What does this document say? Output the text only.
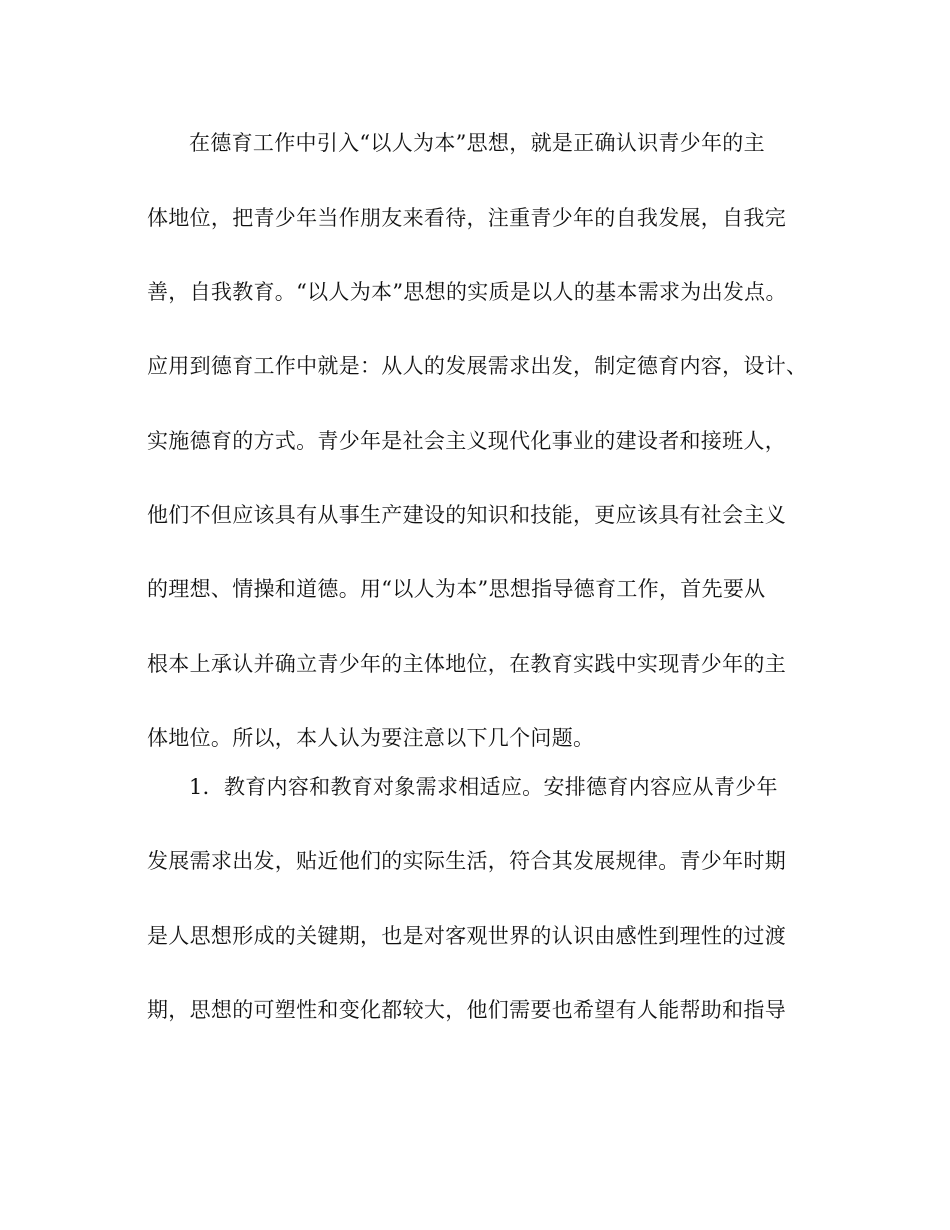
在德育工作中引入“以人为本”思想，就是正确认识青少年的主
体地位，把青少年当作朋友来看待，注重青少年的自我发展，自我完
善，自我教育。“以人为本”思想的实质是以人的基本需求为出发点。
应用到德育工作中就是：从人的发展需求出发，制定德育内容，设计、
实施德育的方式。青少年是社会主义现代化事业的建设者和接班人，
他们不但应该具有从事生产建设的知识和技能，更应该具有社会主义
的理想、情操和道德。用“以人为本”思想指导德育工作，首先要从
根本上承认并确立青少年的主体地位，在教育实践中实现青少年的主
体地位。所以，本人认为要注意以下几个问题。
1．教育内容和教育对象需求相适应。安排德育内容应从青少年
发展需求出发，贴近他们的实际生活，符合其发展规律。青少年时期
是人思想形成的关键期，也是对客观世界的认识由感性到理性的过渡
期，思想的可塑性和变化都较大，他们需要也希望有人能帮助和指导
